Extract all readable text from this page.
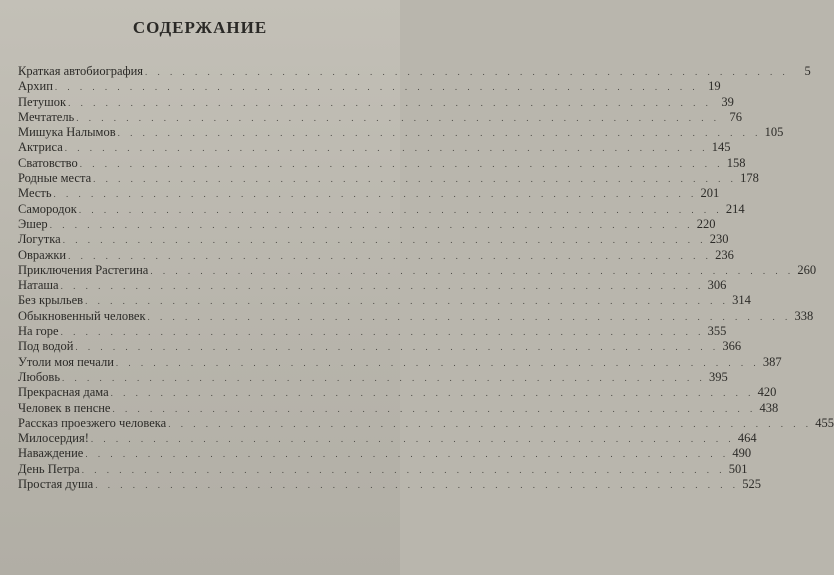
СОДЕРЖАНИЕ
Краткая автобиография . . . . . . . . . . . . . . . . . . . . . . . . . . . . . . . . . . . . . . . . . . . . . . . . . . . .	5
Архип . . . . . . . . . . . . . . . . . . . . . . . . . . . . . . . . . . . . . . . . . . . . . . . . . . . . 19
Петушок . . . . . . . . . . . . . . . . . . . . . . . . . . . . . . . . . . . . . . . . . . . . . . . . . . . . 39
Мечтатель . . . . . . . . . . . . . . . . . . . . . . . . . . . . . . . . . . . . . . . . . . . . . . . . . . . . 76
Мишука Налымов . . . . . . . . . . . . . . . . . . . . . . . . . . . . . . . . . . . . . . . . . . . . . . . . . . . . 105
Актриса . . . . . . . . . . . . . . . . . . . . . . . . . . . . . . . . . . . . . . . . . . . . . . . . . . . . 145
Сватовство . . . . . . . . . . . . . . . . . . . . . . . . . . . . . . . . . . . . . . . . . . . . . . . . . . . . 158
Родные места . . . . . . . . . . . . . . . . . . . . . . . . . . . . . . . . . . . . . . . . . . . . . . . . . . . . 178
Месть . . . . . . . . . . . . . . . . . . . . . . . . . . . . . . . . . . . . . . . . . . . . . . . . . . . . 201
Самородок . . . . . . . . . . . . . . . . . . . . . . . . . . . . . . . . . . . . . . . . . . . . . . . . . . . . 214
Эшер . . . . . . . . . . . . . . . . . . . . . . . . . . . . . . . . . . . . . . . . . . . . . . . . . . . . 220
Логутка . . . . . . . . . . . . . . . . . . . . . . . . . . . . . . . . . . . . . . . . . . . . . . . . . . . . 230
Овражки . . . . . . . . . . . . . . . . . . . . . . . . . . . . . . . . . . . . . . . . . . . . . . . . . . . . 236
Приключения Растегина . . . . . . . . . . . . . . . . . . . . . . . . . . . . . . . . . . . . . . . . . . . . . . . . . . . . 260
Наташа . . . . . . . . . . . . . . . . . . . . . . . . . . . . . . . . . . . . . . . . . . . . . . . . . . . . 306
Без крыльев . . . . . . . . . . . . . . . . . . . . . . . . . . . . . . . . . . . . . . . . . . . . . . . . . . . . 314
Обыкновенный человек . . . . . . . . . . . . . . . . . . . . . . . . . . . . . . . . . . . . . . . . . . . . . . . . . . . . 338
На горе . . . . . . . . . . . . . . . . . . . . . . . . . . . . . . . . . . . . . . . . . . . . . . . . . . . . 355
Под водой . . . . . . . . . . . . . . . . . . . . . . . . . . . . . . . . . . . . . . . . . . . . . . . . . . . . 366
Утоли моя печали . . . . . . . . . . . . . . . . . . . . . . . . . . . . . . . . . . . . . . . . . . . . . . . . . . . . 387
Любовь . . . . . . . . . . . . . . . . . . . . . . . . . . . . . . . . . . . . . . . . . . . . . . . . . . . . 395
Прекрасная дама . . . . . . . . . . . . . . . . . . . . . . . . . . . . . . . . . . . . . . . . . . . . . . . . . . . . 420
Человек в пенсне . . . . . . . . . . . . . . . . . . . . . . . . . . . . . . . . . . . . . . . . . . . . . . . . . . . . 438
Рассказ проезжего человека . . . . . . . . . . . . . . . . . . . . . . . . . . . . . . . . . . . . . . . . . . . . . . . . . . . . 455
Милосердия! . . . . . . . . . . . . . . . . . . . . . . . . . . . . . . . . . . . . . . . . . . . . . . . . . . . . 464
Наваждение . . . . . . . . . . . . . . . . . . . . . . . . . . . . . . . . . . . . . . . . . . . . . . . . . . . . 490
День Петра . . . . . . . . . . . . . . . . . . . . . . . . . . . . . . . . . . . . . . . . . . . . . . . . . . . . 501
Простая душа . . . . . . . . . . . . . . . . . . . . . . . . . . . . . . . . . . . . . . . . . . . . . . . . . . . . 525
